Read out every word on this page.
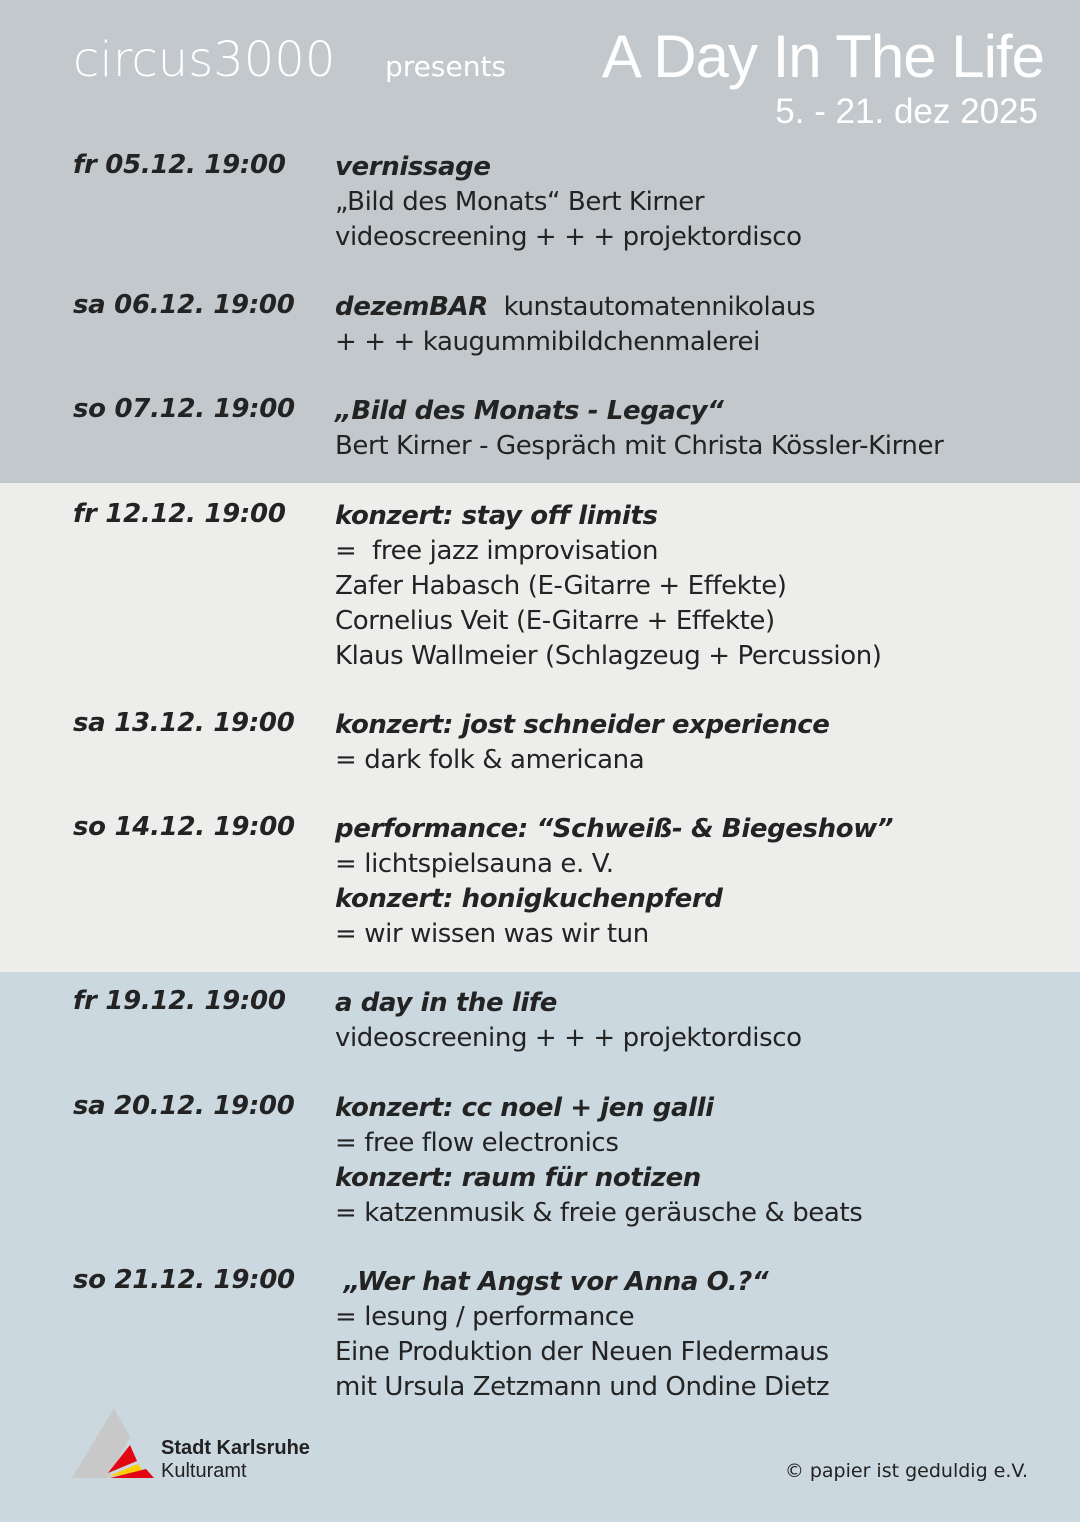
circus3000 presents A Day In The Life
5. - 21. dez 2025
fr 05.12. 19:00 vernissage
„Bild des Monats“ Bert Kirner
videoscreening + + + projektordisco
sa 06.12. 19:00 dezemBAR  kunstautomatennikolaus
+ + + kaugummibildchenmalerei
so 07.12. 19:00 „Bild des Monats - Legacy“
Bert Kirner - Gespräch mit Christa Kössler-Kirner
fr 12.12. 19:00 konzert: stay off limits
=  free jazz improvisation
Zafer Habasch (E-Gitarre + Effekte)
Cornelius Veit (E-Gitarre + Effekte)
Klaus Wallmeier (Schlagzeug + Percussion)
sa 13.12. 19:00 konzert: jost schneider experience
= dark folk & americana
so 14.12. 19:00 performance: “Schweiß- & Biegeshow”
= lichtspielsauna e. V.
konzert: honigkuchenpferd
= wir wissen was wir tun
fr 19.12. 19:00 a day in the life
videoscreening + + + projektordisco
sa 20.12. 19:00 konzert: cc noel + jen galli
= free flow electronics
konzert: raum für notizen
= katzenmusik & freie geräusche & beats
so 21.12. 19:00 „Wer hat Angst vor Anna O.?“
= lesung / performance
Eine Produktion der Neuen Fledermaus
mit Ursula Zetzmann und Ondine Dietz
Stadt Karlsruhe
Kulturamt	© papier ist geduldig e.V.
